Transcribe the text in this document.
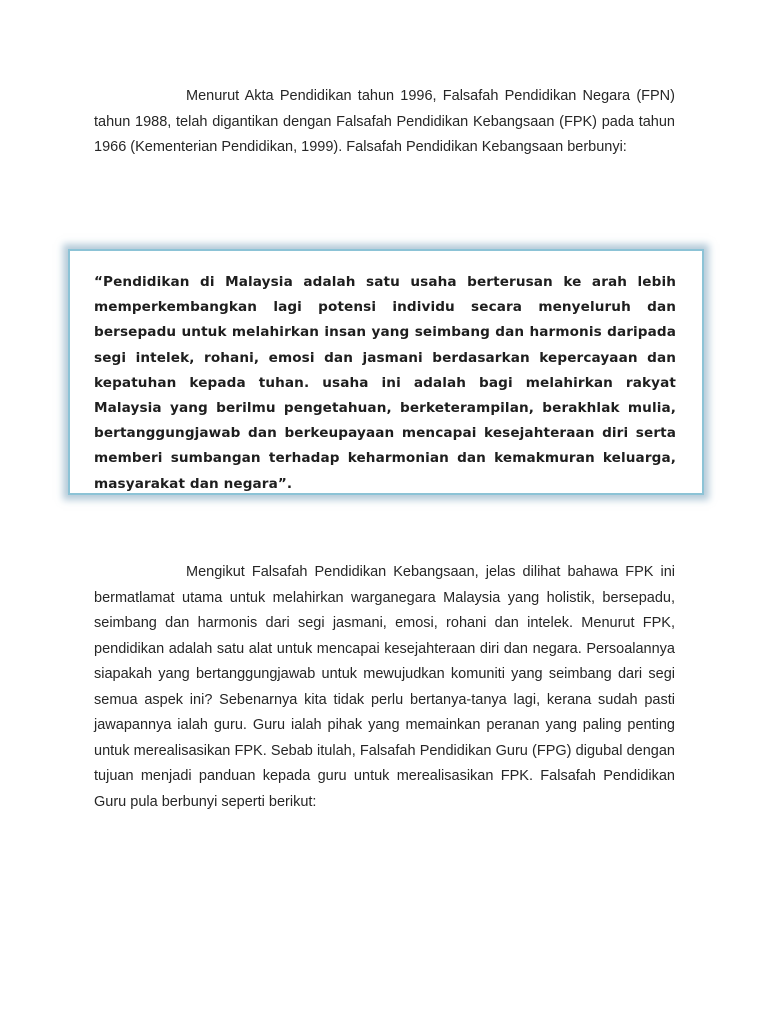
Menurut Akta Pendidikan tahun 1996, Falsafah Pendidikan Negara (FPN) tahun 1988, telah digantikan dengan Falsafah Pendidikan Kebangsaan (FPK) pada tahun 1966 (Kementerian Pendidikan, 1999). Falsafah Pendidikan Kebangsaan berbunyi:

“Pendidikan di Malaysia adalah satu usaha berterusan ke arah lebih memperkembangkan lagi potensi individu secara menyeluruh dan bersepadu untuk melahirkan insan yang seimbang dan harmonis daripada segi intelek, rohani, emosi dan jasmani berdasarkan kepercayaan dan kepatuhan kepada tuhan. usaha ini adalah bagi melahirkan rakyat Malaysia yang berilmu pengetahuan, berketerampilan, berakhlak mulia, bertanggungjawab dan berkeupayaan mencapai kesejahteraan diri serta memberi sumbangan terhadap keharmonian dan kemakmuran keluarga, masyarakat dan negara”.

Mengikut Falsafah Pendidikan Kebangsaan, jelas dilihat bahawa FPK ini bermatlamat utama untuk melahirkan warganegara Malaysia yang holistik, bersepadu, seimbang dan harmonis dari segi jasmani, emosi, rohani dan intelek. Menurut FPK, pendidikan adalah satu alat untuk mencapai kesejahteraan diri dan negara. Persoalannya siapakah yang bertanggungjawab untuk mewujudkan komuniti yang seimbang dari segi semua aspek ini? Sebenarnya kita tidak perlu bertanya-tanya lagi, kerana sudah pasti jawapannya ialah guru. Guru ialah pihak yang memainkan peranan yang paling penting untuk merealisasikan FPK. Sebab itulah, Falsafah Pendidikan Guru (FPG) digubal dengan tujuan menjadi panduan kepada guru untuk merealisasikan FPK. Falsafah Pendidikan Guru pula berbunyi seperti berikut:
